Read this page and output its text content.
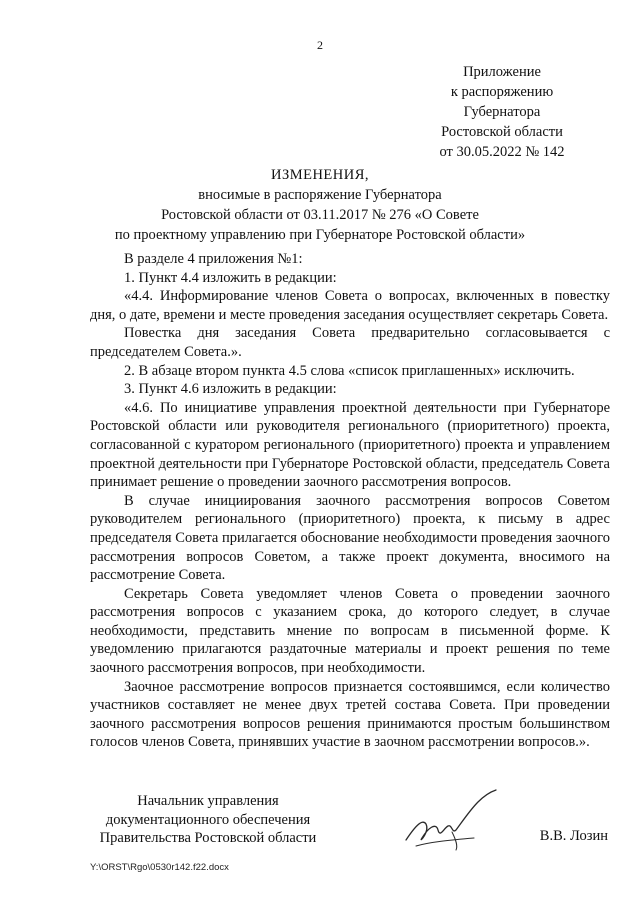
2
Приложение
к распоряжению
Губернатора
Ростовской области
от 30.05.2022 № 142
ИЗМЕНЕНИЯ,
вносимые в распоряжение Губернатора
Ростовской области от 03.11.2017 № 276 «О Совете
по проектному управлению при Губернаторе Ростовской области»

В разделе 4 приложения №1:

1. Пункт 4.4 изложить в редакции:

«4.4. Информирование членов Совета о вопросах, включенных в повестку дня, о дате, времени и месте проведения заседания осуществляет секретарь Совета.

Повестка дня заседания Совета предварительно согласовывается с председателем Совета.».

2. В абзаце втором пункта 4.5 слова «список приглашенных» исключить.

3. Пункт 4.6 изложить в редакции:

«4.6. По инициативе управления проектной деятельности при Губернаторе Ростовской области или руководителя регионального (приоритетного) проекта, согласованной с куратором регионального (приоритетного) проекта и управлением проектной деятельности при Губернаторе Ростовской области, председатель Совета принимает решение о проведении заочного рассмотрения вопросов.

В случае инициирования заочного рассмотрения вопросов Советом руководителем регионального (приоритетного) проекта, к письму в адрес председателя Совета прилагается обоснование необходимости проведения заочного рассмотрения вопросов Советом, а также проект документа, вносимого на рассмотрение Совета.

Секретарь Совета уведомляет членов Совета о проведении заочного рассмотрения вопросов с указанием срока, до которого следует, в случае необходимости, представить мнение по вопросам в письменной форме. К уведомлению прилагаются раздаточные материалы и проект решения по теме заочного рассмотрения вопросов, при необходимости.

Заочное рассмотрение вопросов признается состоявшимся, если количество участников составляет не менее двух третей состава Совета. При проведении заочного рассмотрения вопросов решения принимаются простым большинством голосов членов Совета, принявших участие в заочном рассмотрении вопросов.».

Начальник управления
документационного обеспечения
Правительства Ростовской области	В.В. Лозин
Y:\ORST\Rgo\0530r142.f22.docx
